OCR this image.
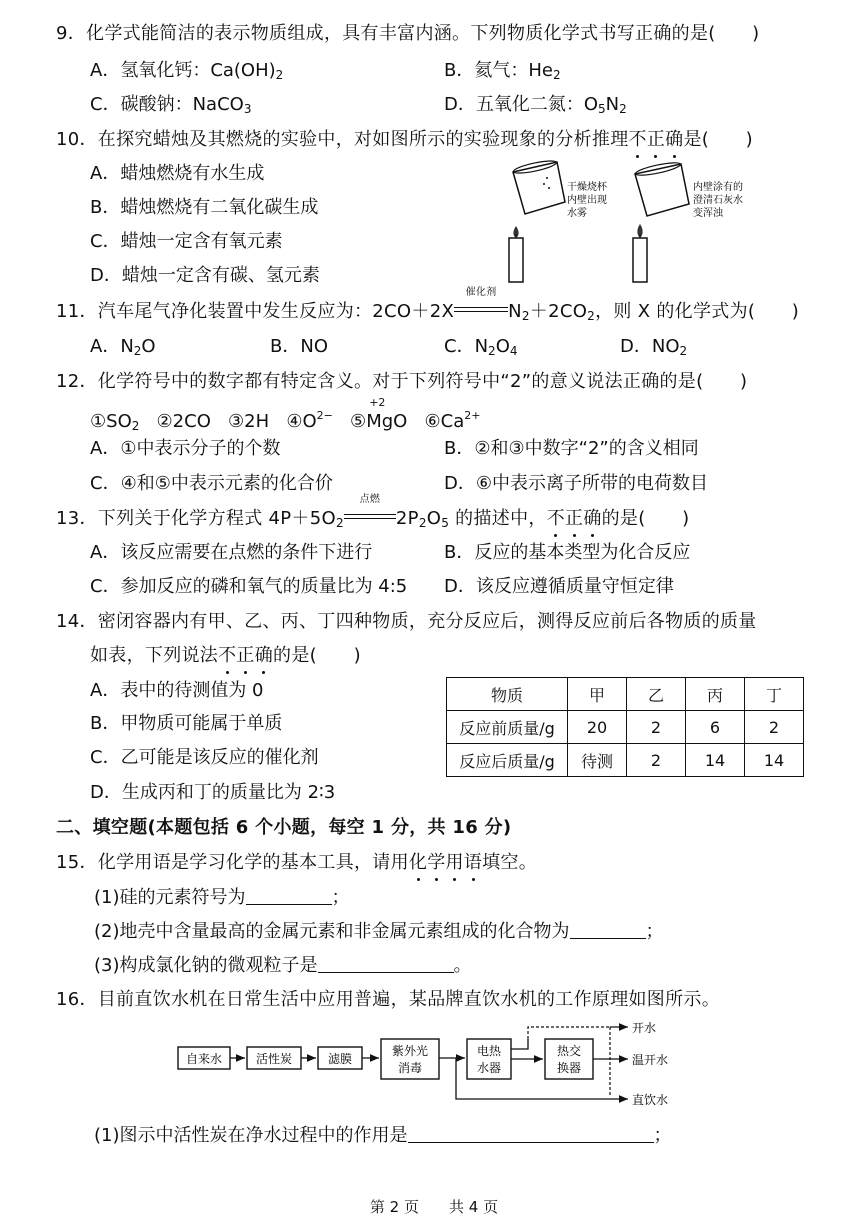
9．化学式能简洁的表示物质组成，具有丰富内涵。下列物质化学式书写正确的是(　　)
A．氢氧化钙：$Ca(OH)_2$	B．氦气：$He_2$
C．碳酸钠：NaCO$_3$	D．五氧化二氮：$O_5N_2$
10．在探究蜡烛及其燃烧的实验中，对如图所示的实验现象的分析推理不正确是(　　)
A．蜡烛燃烧有水生成
B．蜡烛燃烧有二氧化碳生成
C．蜡烛一定含有氧元素
D．蜡烛一定含有碳、氢元素
干燥烧杯
内壁出现
水雾
内壁涂有的
澄清石灰水
变浑浊
11．汽车尾气净化装置中发生反应为：2CO＋2X
催化剂
$N_2+2CO_2$，则 X 的化学式为(　　)
A．$N_2O$	B．NO	C．$N_2O_4$	D．$NO_2$
12．化学符号中的数字都有特定含义。对于下列符号中“2”的意义说法正确的是(　　)
$①SO_2$ ②2CO ③2H $④O^{2-}$ ⑤
+2
MgO $⑥Ca^{2+}$
A．①中表示分子的个数	B．②和③中数字“2”的含义相同
C．④和⑤中表示元素的化合价	D．⑥中表示离子所带的电荷数目
13．下列关于化学方程式 $4P+5O_2$
点燃
$2P_2O_5$ 的描述中，不正确的是(　　)
A．该反应需要在点燃的条件下进行	B．反应的基本类型为化合反应
C．参加反应的磷和氧气的质量比为 4:5 D．该反应遵循质量守恒定律
14．密闭容器内有甲、乙、丙、丁四种物质，充分反应后，测得反应前后各物质的质量
如表，下列说法不正确的是(　　)
A．表中的待测值为 0
B．甲物质可能属于单质
C．乙可能是该反应的催化剂
D．生成丙和丁的质量比为 2∶3
物质	甲	乙	丙	丁
反应前质量/g	20	2	6	2
反应后质量/g	待测	2	14	14
二、填空题(本题包括 6 个小题，每空 1 分，共 16 分)
15．化学用语是学习化学的基本工具，请用化学用语填空。
(1)硅的元素符号为	；
(2)地壳中含量最高的金属元素和非金属元素组成的化合物为	；
(3)构成氯化钠的微观粒子是	。
16．目前直饮水机在日常生活中应用普遍，某品牌直饮水机的工作原理如图所示。
自来水	活性炭	滤膜
紫外光
消毒
电热
水器
热交
换器
开水
温开水
直饮水
(1)图示中活性炭在净水过程中的作用是	；
第 2 页　　共 4 页
